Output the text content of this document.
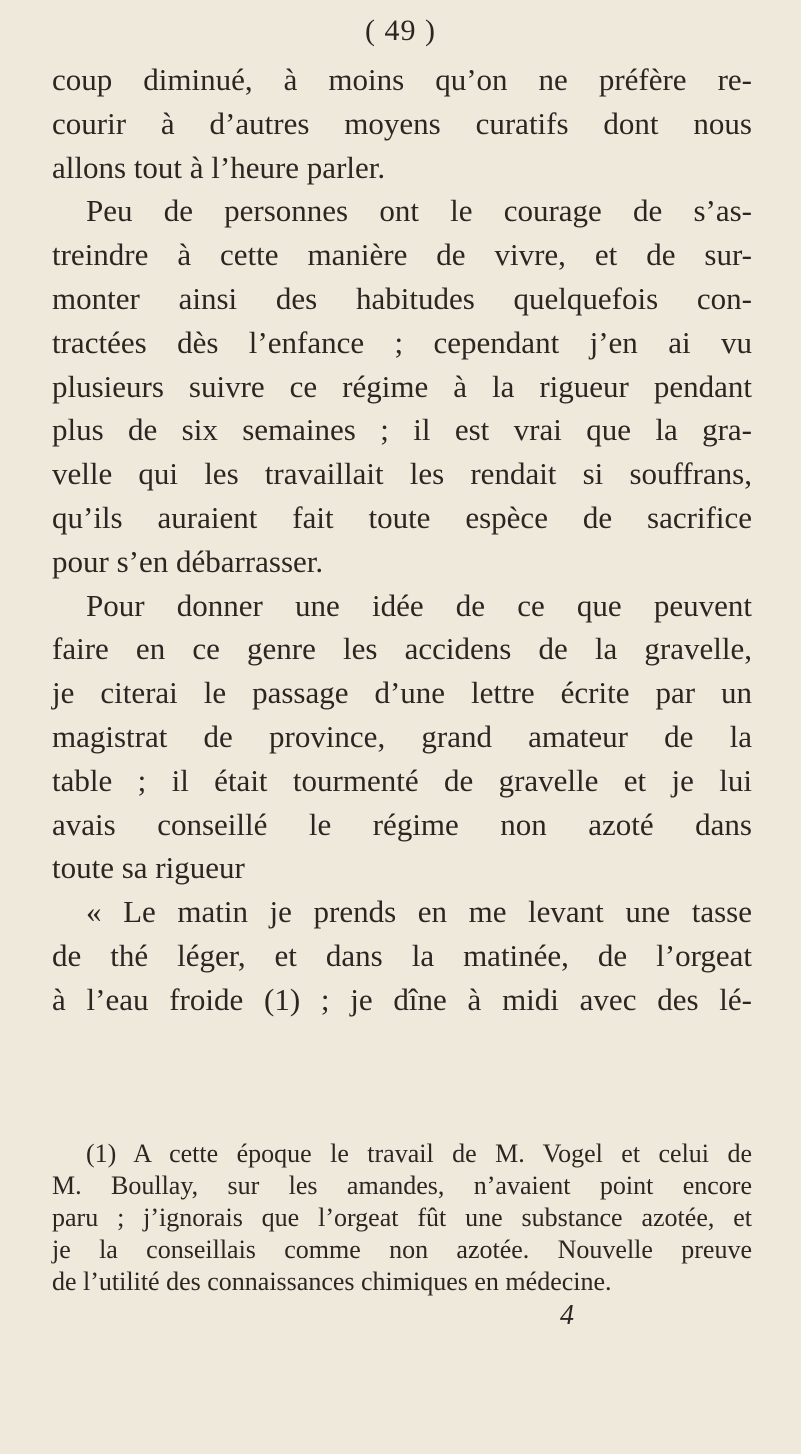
( 49 )
coup diminué, à moins qu’on ne préfère re-
courir à d’autres moyens curatifs dont nous
allons tout à l’heure parler.
Peu de personnes ont le courage de s’as-
treindre à cette manière de vivre, et de sur-
monter ainsi des habitudes quelquefois con-
tractées dès l’enfance ; cependant j’en ai vu
plusieurs suivre ce régime à la rigueur pendant
plus de six semaines ; il est vrai que la gra-
velle qui les travaillait les rendait si souffrans,
qu’ils auraient fait toute espèce de sacrifice
pour s’en débarrasser.
Pour donner une idée de ce que peuvent
faire en ce genre les accidens de la gravelle,
je citerai le passage d’une lettre écrite par un
magistrat de province, grand amateur de la
table ; il était tourmenté de gravelle et je lui
avais conseillé le régime non azoté dans
toute sa rigueur
« Le matin je prends en me levant une tasse
de thé léger, et dans la matinée, de l’orgeat
à l’eau froide (1) ; je dîne à midi avec des lé-
(1) A cette époque le travail de M. Vogel et celui de
M. Boullay, sur les amandes, n’avaient point encore
paru ; j’ignorais que l’orgeat fût une substance azotée, et
je la conseillais comme non azotée. Nouvelle preuve
de l’utilité des connaissances chimiques en médecine.
4
